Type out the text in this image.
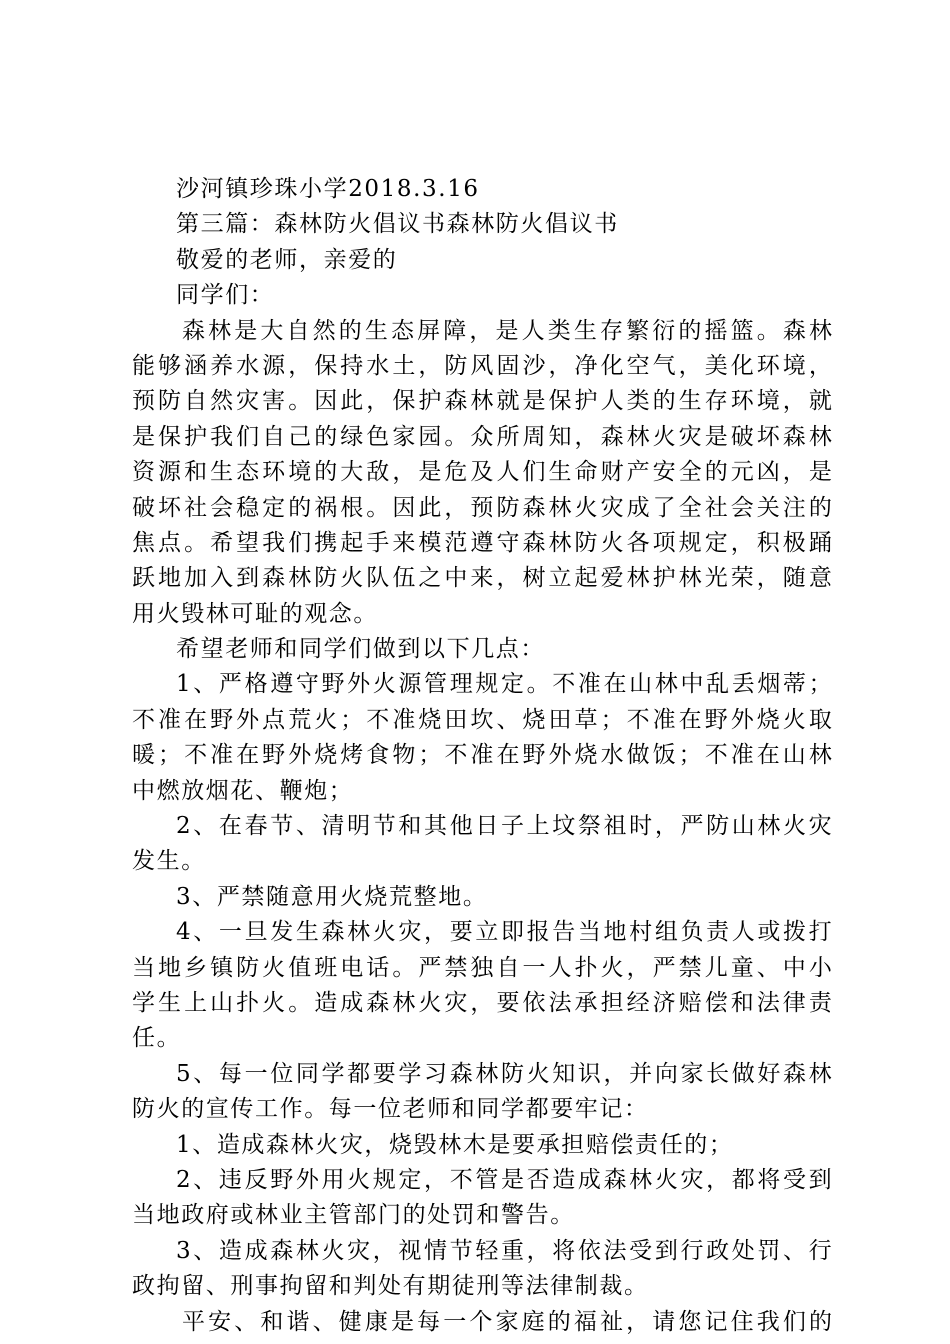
沙河镇珍珠小学2018.3.16

第三篇：森林防火倡议书森林防火倡议书

敬爱的老师，亲爱的

同学们：

森 林 是 大 自 然 的 生 态 屏 障 ， 是 人 类 生 存 繁 衍 的 摇 篮 。 森 林

能 够 涵 养 水 源 ， 保 持 水 土 ， 防 风 固 沙 ， 净 化 空 气 ， 美 化 环 境 ，

预 防 自 然 灾 害 。 因 此 ， 保 护 森 林 就 是 保 护 人 类 的 生 存 环 境 ， 就

是 保 护 我 们 自 己 的 绿 色 家 园 。 众 所 周 知 ， 森 林 火 灾 是 破 坏 森 林

资 源 和 生 态 环 境 的 大 敌 ， 是 危 及 人 们 生 命 财 产 安 全 的 元 凶 ， 是

破 坏 社 会 稳 定 的 祸 根 。 因 此 ， 预 防 森 林 火 灾 成 了 全 社 会 关 注 的

焦 点 。 希 望 我 们 携 起 手 来 模 范 遵 守 森 林 防 火 各 项 规 定 ， 积 极 踊

跃 地 加 入 到 森 林 防 火 队 伍 之 中 来 ， 树 立 起 爱 林 护 林 光 荣 ， 随 意

用火毁林可耻的观念。

希望老师和同学们做到以下几点：

1 、 严 格 遵 守 野 外 火 源 管 理 规 定 。 不 准 在 山 林 中 乱 丢 烟 蒂 ；

不 准 在 野 外 点 荒 火 ； 不 准 烧 田 坎 、 烧 田 草 ； 不 准 在 野 外 烧 火 取

暖 ； 不 准 在 野 外 烧 烤 食 物 ； 不 准 在 野 外 烧 水 做 饭 ； 不 准 在 山 林

中燃放烟花、鞭炮；

2 、 在 春 节 、 清 明 节 和 其 他 日 子 上 坟 祭 祖 时 ， 严 防 山 林 火 灾

发生。

3、严禁随意用火烧荒整地。

4 、 一 旦 发 生 森 林 火 灾 ， 要 立 即 报 告 当 地 村 组 负 责 人 或 拨 打

当 地 乡 镇 防 火 值 班 电 话 。 严 禁 独 自 一 人 扑 火 ， 严 禁 儿 童 、 中 小

学 生 上 山 扑 火 。 造 成 森 林 火 灾 ， 要 依 法 承 担 经 济 赔 偿 和 法 律 责

任。

5 、 每 一 位 同 学 都 要 学 习 森 林 防 火 知 识 ， 并 向 家 长 做 好 森 林

防火的宣传工作。每一位老师和同学都要牢记：

1、造成森林火灾，烧毁林木是要承担赔偿责任的；

2 、 违 反 野 外 用 火 规 定 ， 不 管 是 否 造 成 森 林 火 灾 ， 都 将 受 到

当地政府或林业主管部门的处罚和警告。

3 、 造 成 森 林 火 灾 ， 视 情 节 轻 重 ， 将 依 法 受 到 行 政 处 罚 、 行

政拘留、刑事拘留和判处有期徒刑等法律制裁。

平 安 、 和 谐 、 健 康 是 每 一 个 家 庭 的 福 祉 ， 请 您 记 住 我 们 的
